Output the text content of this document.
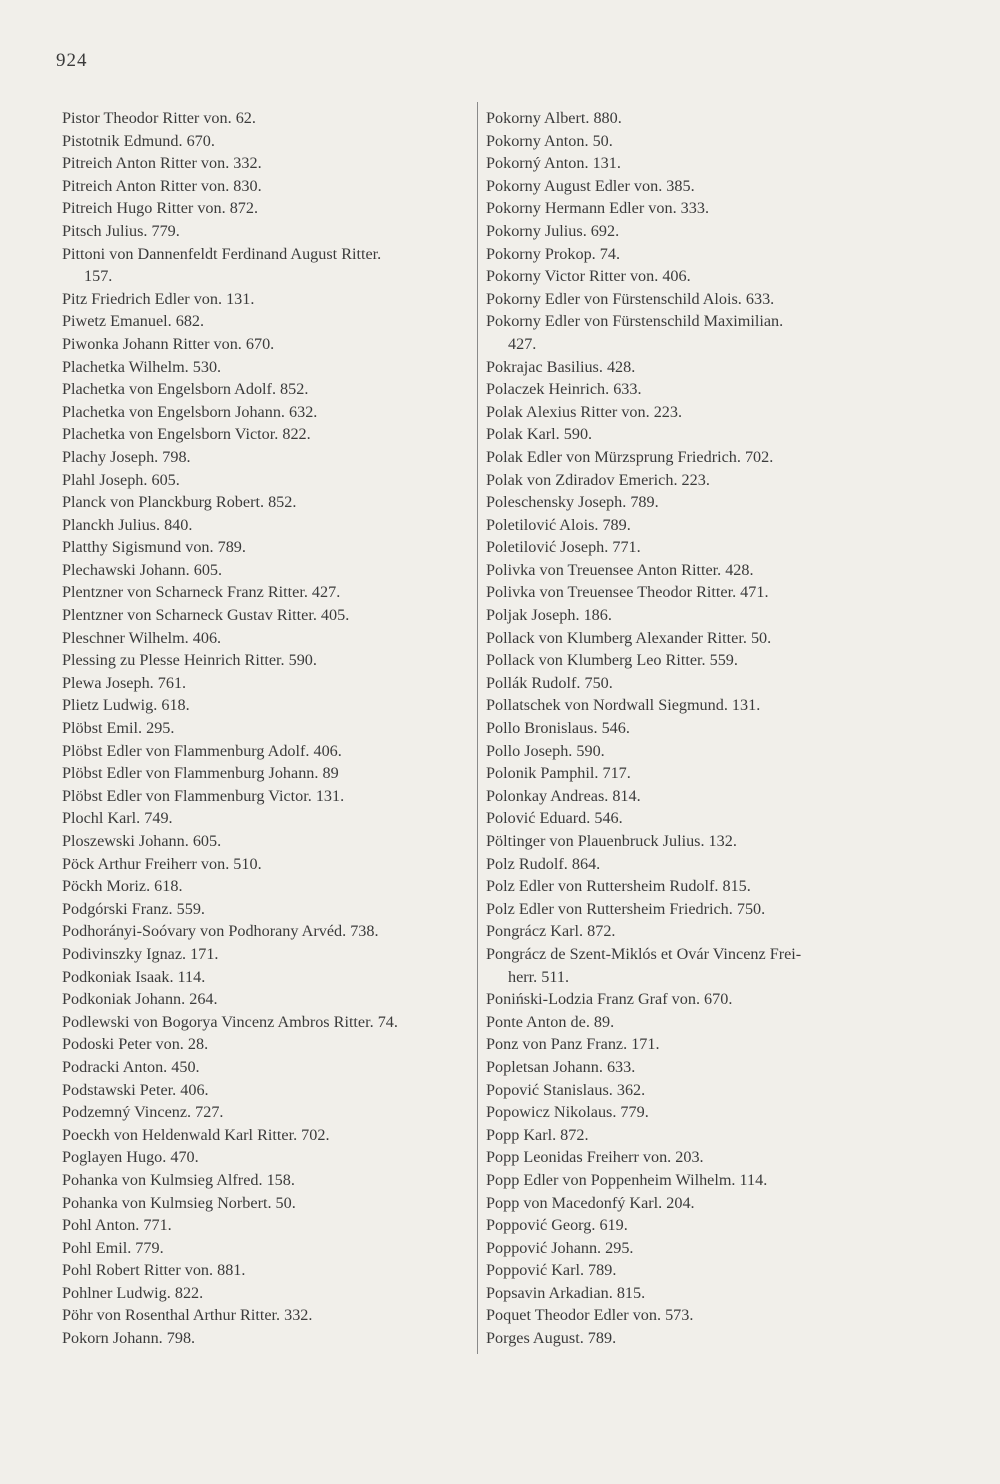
924
Pistor Theodor Ritter von. 62.
Pistotnik Edmund. 670.
Pitreich Anton Ritter von. 332.
Pitreich Anton Ritter von. 830.
Pitreich Hugo Ritter von. 872.
Pitsch Julius. 779.
Pittoni von Dannenfeldt Ferdinand August Ritter.
157.
Pitz Friedrich Edler von. 131.
Piwetz Emanuel. 682.
Piwonka Johann Ritter von. 670.
Plachetka Wilhelm. 530.
Plachetka von Engelsborn Adolf. 852.
Plachetka von Engelsborn Johann. 632.
Plachetka von Engelsborn Victor. 822.
Plachy Joseph. 798.
Plahl Joseph. 605.
Planck von Planckburg Robert. 852.
Planckh Julius. 840.
Platthy Sigismund von. 789.
Plechawski Johann. 605.
Plentzner von Scharneck Franz Ritter. 427.
Plentzner von Scharneck Gustav Ritter. 405.
Pleschner Wilhelm. 406.
Plessing zu Plesse Heinrich Ritter. 590.
Plewa Joseph. 761.
Plietz Ludwig. 618.
Plöbst Emil. 295.
Plöbst Edler von Flammenburg Adolf. 406.
Plöbst Edler von Flammenburg Johann. 89
Plöbst Edler von Flammenburg Victor. 131.
Plochl Karl. 749.
Ploszewski Johann. 605.
Pöck Arthur Freiherr von. 510.
Pöckh Moriz. 618.
Podgórski Franz. 559.
Podhorányi-Soóvary von Podhorany Arvéd. 738.
Podivinszky Ignaz. 171.
Podkoniak Isaak. 114.
Podkoniak Johann. 264.
Podlewski von Bogorya Vincenz Ambros Ritter. 74.
Podoski Peter von. 28.
Podracki Anton. 450.
Podstawski Peter. 406.
Podzemný Vincenz. 727.
Poeckh von Heldenwald Karl Ritter. 702.
Poglayen Hugo. 470.
Pohanka von Kulmsieg Alfred. 158.
Pohanka von Kulmsieg Norbert. 50.
Pohl Anton. 771.
Pohl Emil. 779.
Pohl Robert Ritter von. 881.
Pohlner Ludwig. 822.
Pöhr von Rosenthal Arthur Ritter. 332.
Pokorn Johann. 798.
Pokorny Albert. 880.
Pokorny Anton. 50.
Pokorný Anton. 131.
Pokorny August Edler von. 385.
Pokorny Hermann Edler von. 333.
Pokorny Julius. 692.
Pokorny Prokop. 74.
Pokorny Victor Ritter von. 406.
Pokorny Edler von Fürstenschild Alois. 633.
Pokorny Edler von Fürstenschild Maximilian.
427.
Pokrajac Basilius. 428.
Polaczek Heinrich. 633.
Polak Alexius Ritter von. 223.
Polak Karl. 590.
Polak Edler von Mürzsprung Friedrich. 702.
Polak von Zdiradov Emerich. 223.
Poleschensky Joseph. 789.
Poletilović Alois. 789.
Poletilović Joseph. 771.
Polivka von Treuensee Anton Ritter. 428.
Polivka von Treuensee Theodor Ritter. 471.
Poljak Joseph. 186.
Pollack von Klumberg Alexander Ritter. 50.
Pollack von Klumberg Leo Ritter. 559.
Pollák Rudolf. 750.
Pollatschek von Nordwall Siegmund. 131.
Pollo Bronislaus. 546.
Pollo Joseph. 590.
Polonik Pamphil. 717.
Polonkay Andreas. 814.
Polović Eduard. 546.
Pöltinger von Plauenbruck Julius. 132.
Polz Rudolf. 864.
Polz Edler von Ruttersheim Rudolf. 815.
Polz Edler von Ruttersheim Friedrich. 750.
Pongrácz Karl. 872.
Pongrácz de Szent-Miklós et Ovár Vincenz Frei-
herr. 511.
Poniński-Lodzia Franz Graf von. 670.
Ponte Anton de. 89.
Ponz von Panz Franz. 171.
Popletsan Johann. 633.
Popović Stanislaus. 362.
Popowicz Nikolaus. 779.
Popp Karl. 872.
Popp Leonidas Freiherr von. 203.
Popp Edler von Poppenheim Wilhelm. 114.
Popp von Macedonfý Karl. 204.
Poppović Georg. 619.
Poppović Johann. 295.
Poppović Karl. 789.
Popsavin Arkadian. 815.
Poquet Theodor Edler von. 573.
Porges August. 789.
